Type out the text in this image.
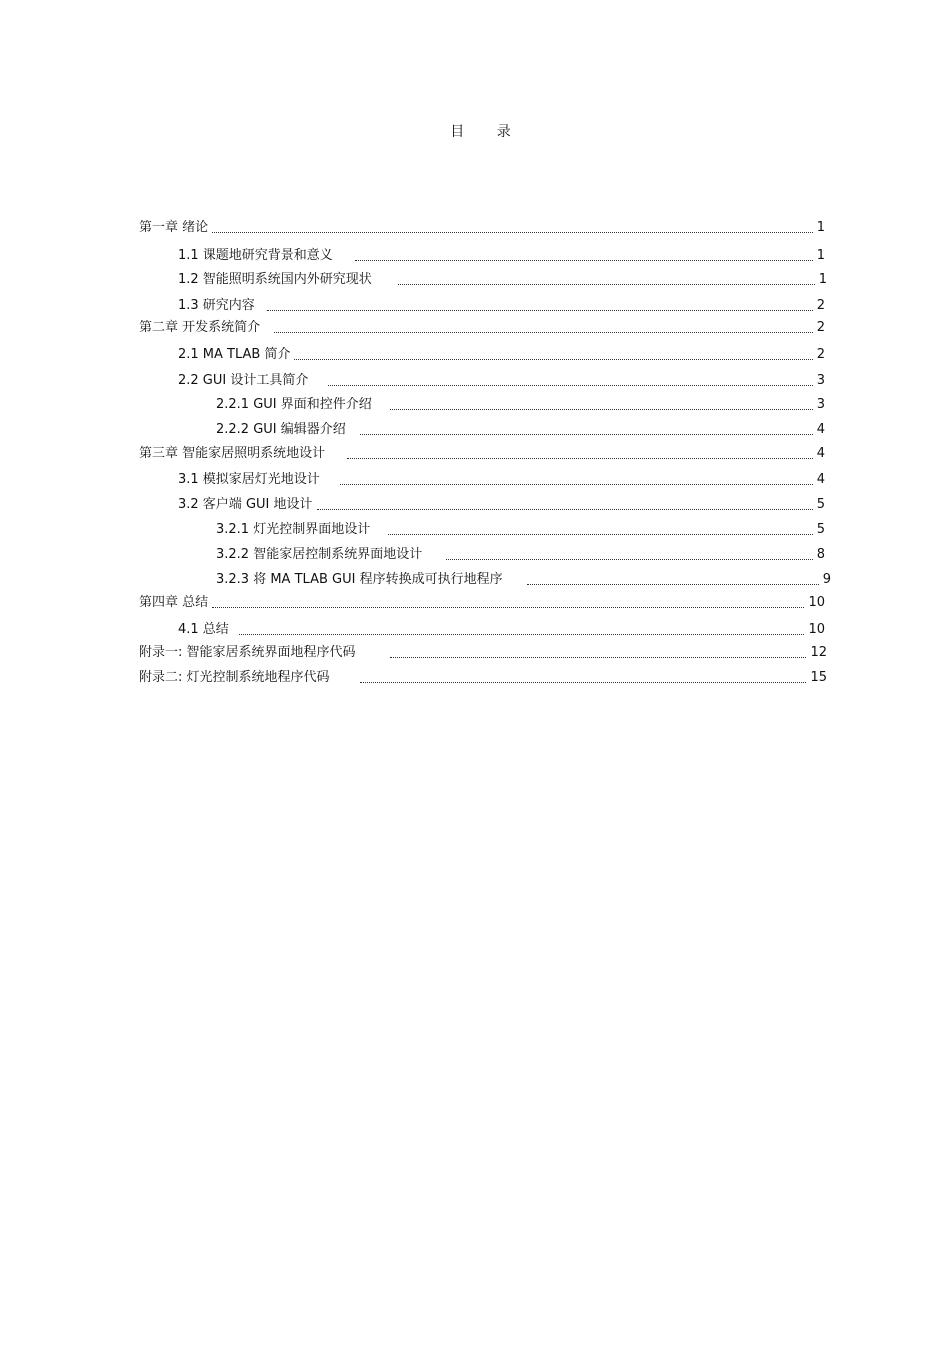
目 录
第一章 绪论	1
1.1 课题地研究背景和意义	1
1.2 智能照明系统国内外研究现状	1
1.3 研究内容	2
第二章 开发系统简介	2
2.1 MA TLAB 简介	2
2.2 GUI 设计工具简介	3
2.2.1 GUI 界面和控件介绍	3
2.2.2 GUI 编辑器介绍	4
第三章 智能家居照明系统地设计	4
3.1 模拟家居灯光地设计	4
3.2 客户端 GUI 地设计	5
3.2.1 灯光控制界面地设计	5
3.2.2 智能家居控制系统界面地设计	8
3.2.3 将 MA TLAB GUI 程序转换成可执行地程序	9
第四章 总结	10
4.1 总结	10
附录一: 智能家居系统界面地程序代码	12
附录二: 灯光控制系统地程序代码	15
